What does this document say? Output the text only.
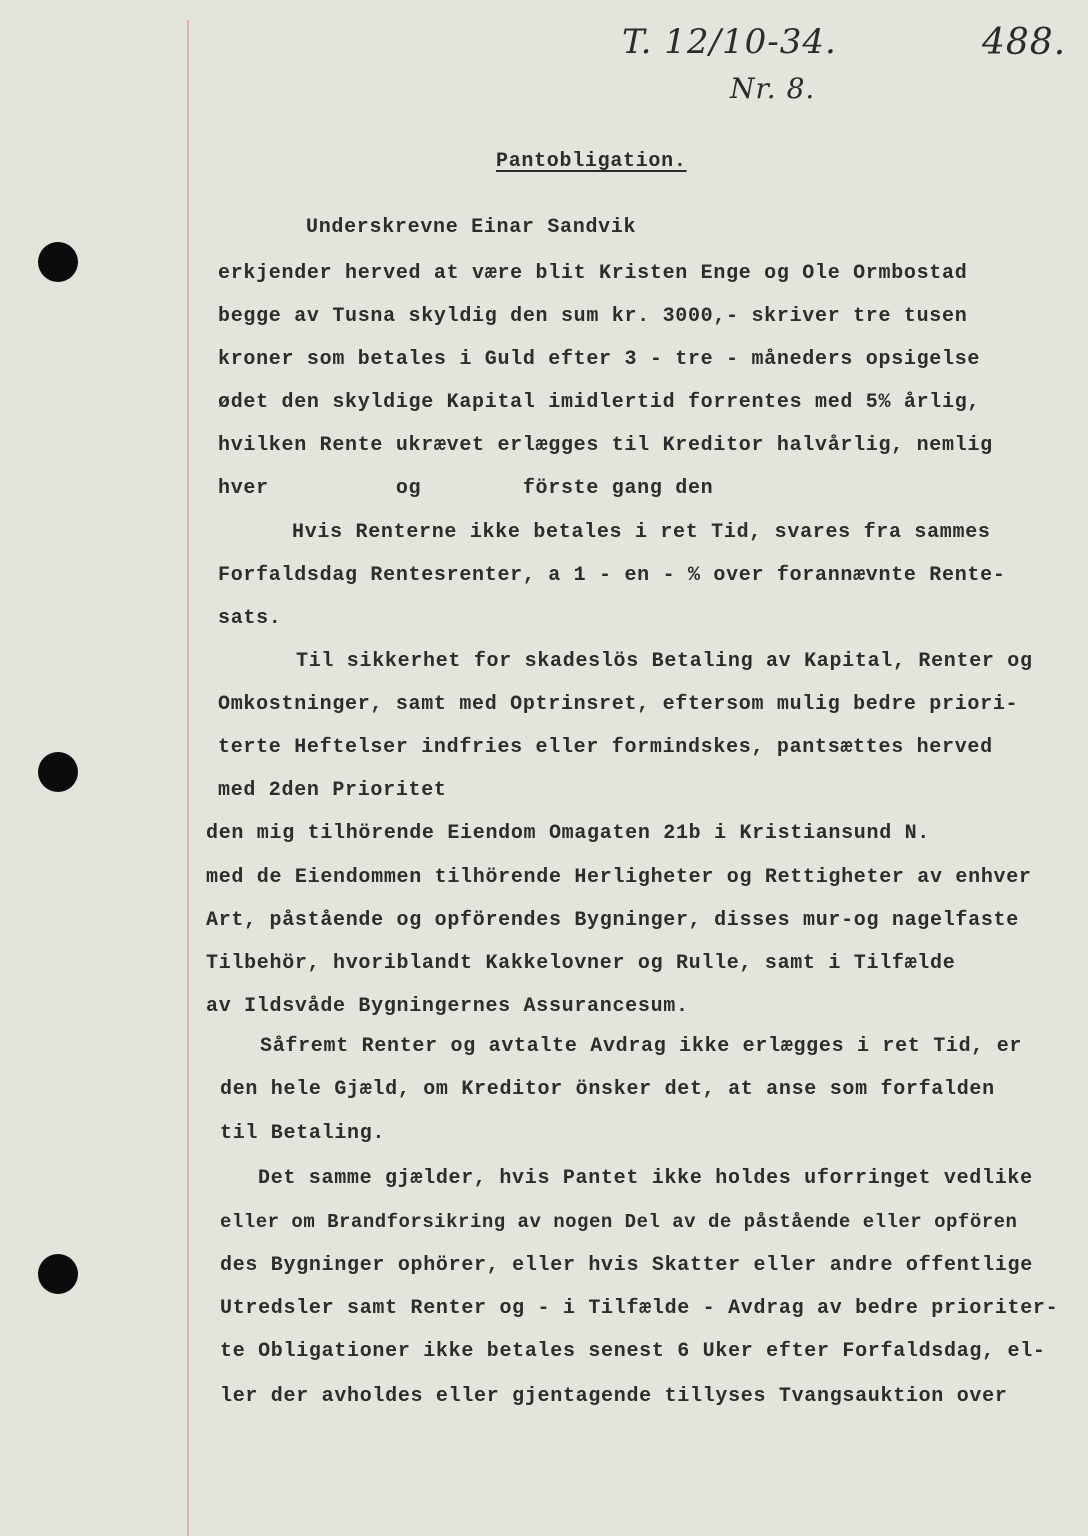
T. 12/10-34.
Nr. 8.
488.
Pantobligation.
Underskrevne Einar Sandvik
erkjender herved at være blit Kristen Enge og Ole Ormbostad
begge av Tusna skyldig den sum kr. 3000,- skriver tre tusen
kroner som betales i Guld efter 3 - tre - måneders opsigelse
ødet den skyldige Kapital imidlertid forrentes med 5% årlig,
hvilken Rente ukrævet erlægges til Kreditor halvårlig, nemlig
hver          og        förste gang den
Hvis Renterne ikke betales i ret Tid, svares fra sammes
Forfaldsdag Rentesrenter, a 1 - en - % over forannævnte Rente-
sats.
Til sikkerhet for skadeslös Betaling av Kapital, Renter og
Omkostninger, samt med Optrinsret, eftersom mulig bedre priori-
terte Heftelser indfries eller formindskes, pantsættes herved
med 2den Prioritet
den mig tilhörende Eiendom Omagaten 21b i Kristiansund N.
med de Eiendommen tilhörende Herligheter og Rettigheter av enhver
Art, påstående og opförendes Bygninger, disses mur-og nagelfaste
Tilbehör, hvoriblandt Kakkelovner og Rulle, samt i Tilfælde
av Ildsvåde Bygningernes Assurancesum.
Såfremt Renter og avtalte Avdrag ikke erlægges i ret Tid, er
den hele Gjæld, om Kreditor önsker det, at anse som forfalden
til Betaling.
Det samme gjælder, hvis Pantet ikke holdes uforringet vedlike
eller om Brandforsikring av nogen Del av de påstående eller opfören
des Bygninger ophörer, eller hvis Skatter eller andre offentlige
Utredsler samt Renter og - i Tilfælde - Avdrag av bedre prioriter-
te Obligationer ikke betales senest 6 Uker efter Forfaldsdag, el-
ler der avholdes eller gjentagende tillyses Tvangsauktion over
